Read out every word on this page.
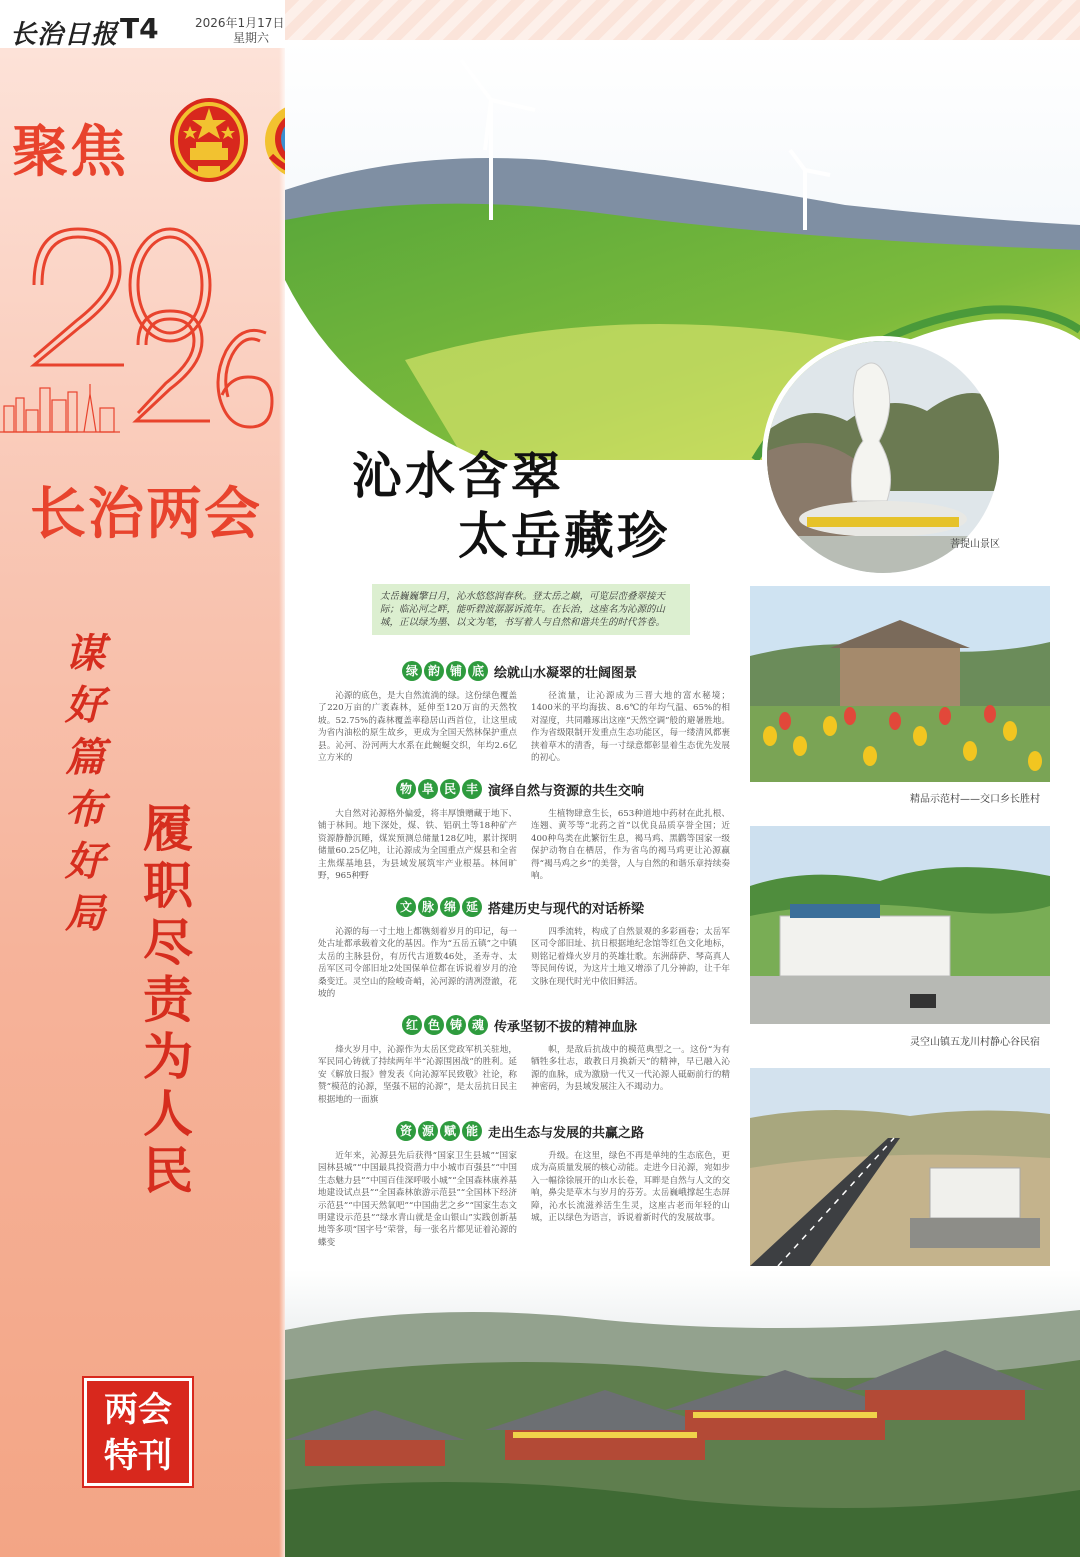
长治日报 T4	2026年1月17日
星期六
聚焦
长治两会
谋好篇布好局
履职尽责为人民
两会
特刊
沁水含翠
太岳藏珍	菩提山景区
太岳巍巍擎日月，沁水悠悠润春秋。登太岳之巅，可览层峦叠翠接天际；临沁河之畔，能听碧波潺潺诉流年。在长治，这座名为沁源的山城，正以绿为墨、以文为笔，书写着人与自然和谐共生的时代答卷。
绿 韵 铺 底 绘就山水凝翠的壮阔图景

沁源的底色，是大自然流淌的绿。这份绿色覆盖了220万亩的广袤森林，延伸至120万亩的天然牧坡。52.75%的森林覆盖率稳居山西首位，让这里成为省内油松的原生故乡，更成为全国天然林保护重点县。沁河、汾河两大水系在此蜿蜒交织，年均2.6亿立方米的

径流量，让沁源成为三晋大地的富水秘境；1400米的平均海拔、8.6℃的年均气温、65%的相对湿度，共同雕琢出这座“天然空调”般的避暑胜地。作为省级限制开发重点生态功能区，每一缕清风都裹挟着草木的清香，每一寸绿意都彰显着生态优先发展的初心。

物 阜 民 丰 演绎自然与资源的共生交响

大自然对沁源格外偏爱，将丰厚馈赠藏于地下、铺于林间。地下深处，煤、铁、铝矾土等18种矿产资源静静沉睡，煤炭预测总储量128亿吨，累计探明储量60.25亿吨，让沁源成为全国重点产煤县和全省主焦煤基地县，为县域发展筑牢产业根基。林间旷野，965种野

生植物肆意生长，653种道地中药材在此扎根、连翘、黄芩等“北药之首”以优良品质享誉全国；近400种鸟类在此繁衍生息，褐马鸡、黑鹳等国家一级保护动物自在栖居，作为省鸟的褐马鸡更让沁源赢得“褐马鸡之乡”的美誉，人与自然的和谐乐章持续奏响。

文 脉 绵 延 搭建历史与现代的对话桥梁

沁源的每一寸土地上都镌刻着岁月的印记，每一处古址都承载着文化的基因。作为“五岳五镇”之中镇太岳的主脉县份，有历代古道数46处，圣寿寺、太岳军区司令部旧址2处国保单位都在诉说着岁月的沧桑变迁。灵空山的险峻奇峭，沁河源的清冽澄澈，花坡的

四季流转，构成了自然景观的多彩画卷；太岳军区司令部旧址、抗日根据地纪念馆等红色文化地标，则铭记着烽火岁月的英雄壮歌。东洲薛萨、琴高真人等民间传说，为这片土地又增添了几分神韵，让千年文脉在现代时光中依旧鲜活。

红 色 铸 魂 传承坚韧不拔的精神血脉

烽火岁月中，沁源作为太岳区党政军机关驻地，军民同心铸就了持续两年半“沁源围困战”的胜利。延安《解放日报》曾发表《向沁源军民致敬》社论，称赞“模范的沁源，坚强不屈的沁源”，是太岳抗日民主根据地的一面旗

帜，是敌后抗战中的模范典型之一。这份“为有牺牲多壮志，敢教日月换新天”的精神，早已融入沁源的血脉，成为激励一代又一代沁源人砥砺前行的精神密码，为县域发展注入不竭动力。

资 源 赋 能 走出生态与发展的共赢之路

近年来，沁源县先后获得“国家卫生县城”“国家园林县城”“中国最具投资潜力中小城市百强县”“中国生态魅力县”“中国百佳深呼吸小城”“全国森林康养基地建设试点县”“全国森林旅游示范县”“全国林下经济示范县”“中国天然氧吧”“中国曲艺之乡”“国家生态文明建设示范县”“绿水青山就是金山银山”实践创新基地等多项“国字号”荣誉，每一张名片都见证着沁源的蝶变

升级。在这里，绿色不再是单纯的生态底色，更成为高质量发展的核心动能。走进今日沁源，宛如步入一幅徐徐展开的山水长卷，耳畔是自然与人文的交响，鼻尖是草木与岁月的芬芳。太岳巍峨撑起生态屏障，沁水长流滋养活生生灵，这座古老而年轻的山城，正以绿色为语言，诉说着新时代的发展故事。

精品示范村——交口乡长胜村
灵空山镇五龙川村静心谷民宿
